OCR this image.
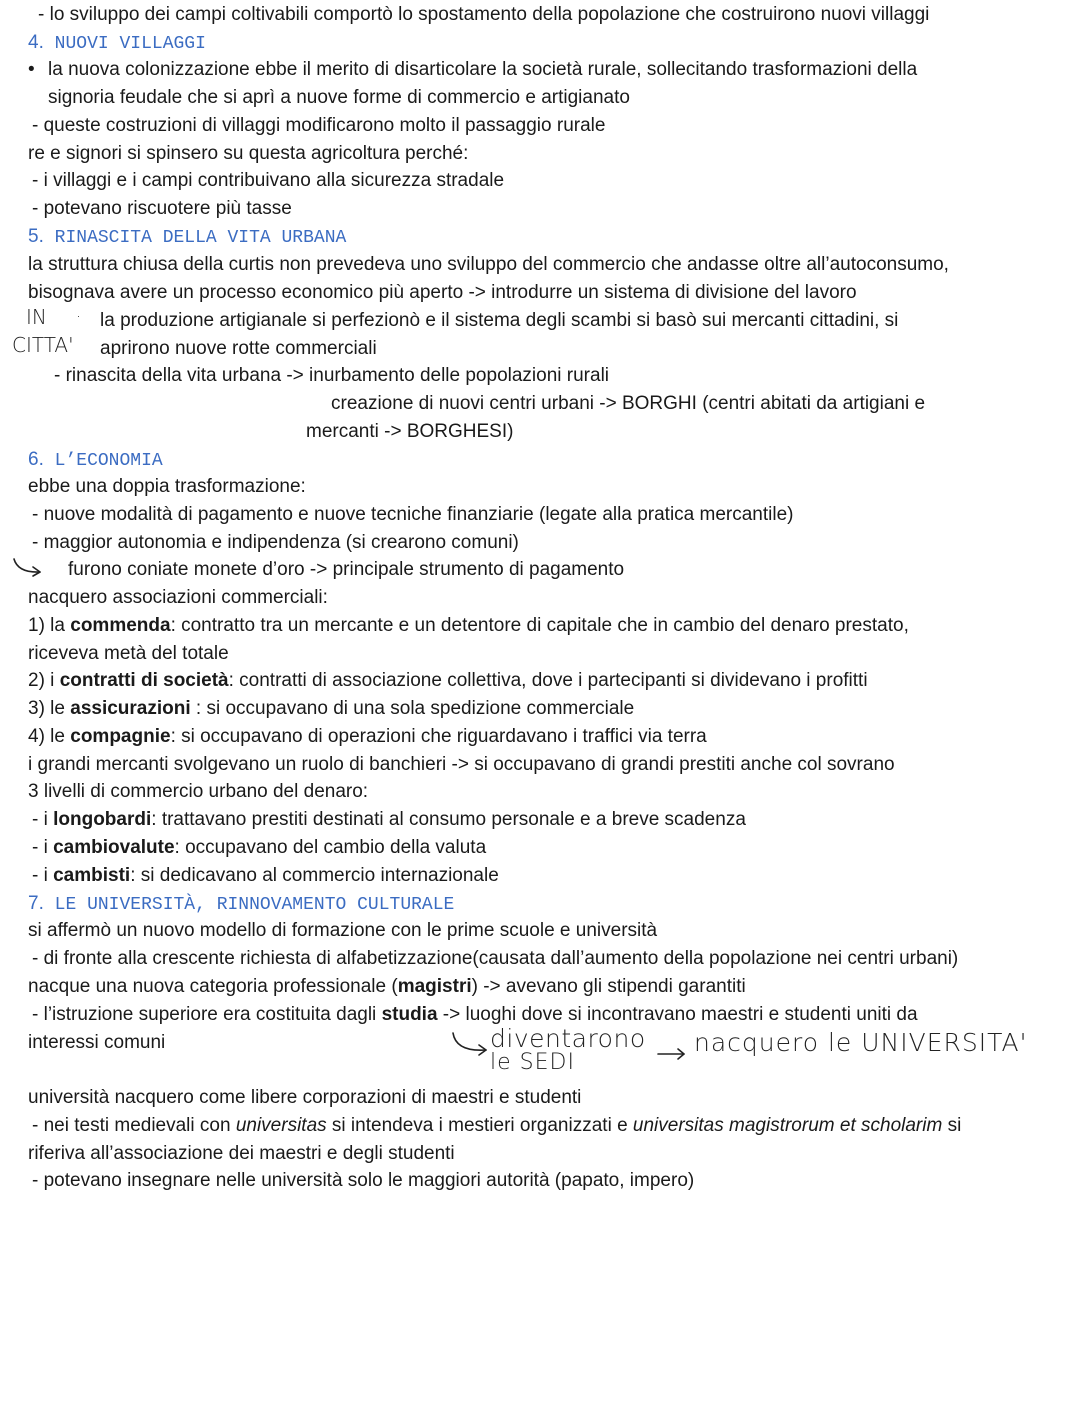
- lo sviluppo dei campi coltivabili comportò lo spostamento della popolazione che costruirono nuovi villaggi
4. NUOVI VILLAGGI
• la nuova colonizzazione ebbe il merito di disarticolare la società rurale, sollecitando trasformazioni della
signoria feudale che si aprì a nuove forme di commercio e artigianato
- queste costruzioni di villaggi modificarono molto il passaggio rurale
re e signori si spinsero su questa agricoltura perché:
- i villaggi e i campi contribuivano alla sicurezza stradale
- potevano riscuotere più tasse
5. RINASCITA DELLA VITA URBANA
la struttura chiusa della curtis non prevedeva uno sviluppo del commercio che andasse oltre all’autoconsumo,
bisognava avere un processo economico più aperto -> introdurre un sistema di divisione del lavoro
IN
CITTA'
· la produzione artigianale si perfezionò e il sistema degli scambi si basò sui mercanti cittadini, si
aprirono nuove rotte commerciali
- rinascita della vita urbana -> inurbamento delle popolazioni rurali
creazione di nuovi centri urbani -> BORGHI (centri abitati da artigiani e
mercanti -> BORGHESI)
6. L’ECONOMIA
ebbe una doppia trasformazione:
- nuove modalità di pagamento e nuove tecniche finanziarie (legate alla pratica mercantile)
- maggior autonomia e indipendenza (si crearono comuni)
furono coniate monete d’oro -> principale strumento di pagamento
nacquero associazioni commerciali:
1) la commenda: contratto tra un mercante e un detentore di capitale che in cambio del denaro prestato,
riceveva metà del totale
2) i contratti di società: contratti di associazione collettiva, dove i partecipanti si dividevano i profitti
3) le assicurazioni : si occupavano di una sola spedizione commerciale
4) le compagnie: si occupavano di operazioni che riguardavano i traffici via terra
i grandi mercanti svolgevano un ruolo di banchieri -> si occupavano di grandi prestiti anche col sovrano
3 livelli di commercio urbano del denaro:
- i longobardi: trattavano prestiti destinati al consumo personale e a breve scadenza
- i cambiovalute: occupavano del cambio della valuta
- i cambisti: si dedicavano al commercio internazionale
7. LE UNIVERSITÀ, RINNOVAMENTO CULTURALE
si affermò un nuovo modello di formazione con le prime scuole e università
- di fronte alla crescente richiesta di alfabetizzazione(causata dall’aumento della popolazione nei centri urbani)
nacque una nuova categoria professionale (magistri) -> avevano gli stipendi garantiti
- l’istruzione superiore era costituita dagli studia -> luoghi dove si incontravano maestri e studenti uniti da
interessi comuni	diventarono
le SEDI
nacquero le UNIVERSITA'
università nacquero come libere corporazioni di maestri e studenti
- nei testi medievali con universitas si intendeva i mestieri organizzati e universitas magistrorum et scholarim si
riferiva all’associazione dei maestri e degli studenti
- potevano insegnare nelle università solo le maggiori autorità (papato, impero)
